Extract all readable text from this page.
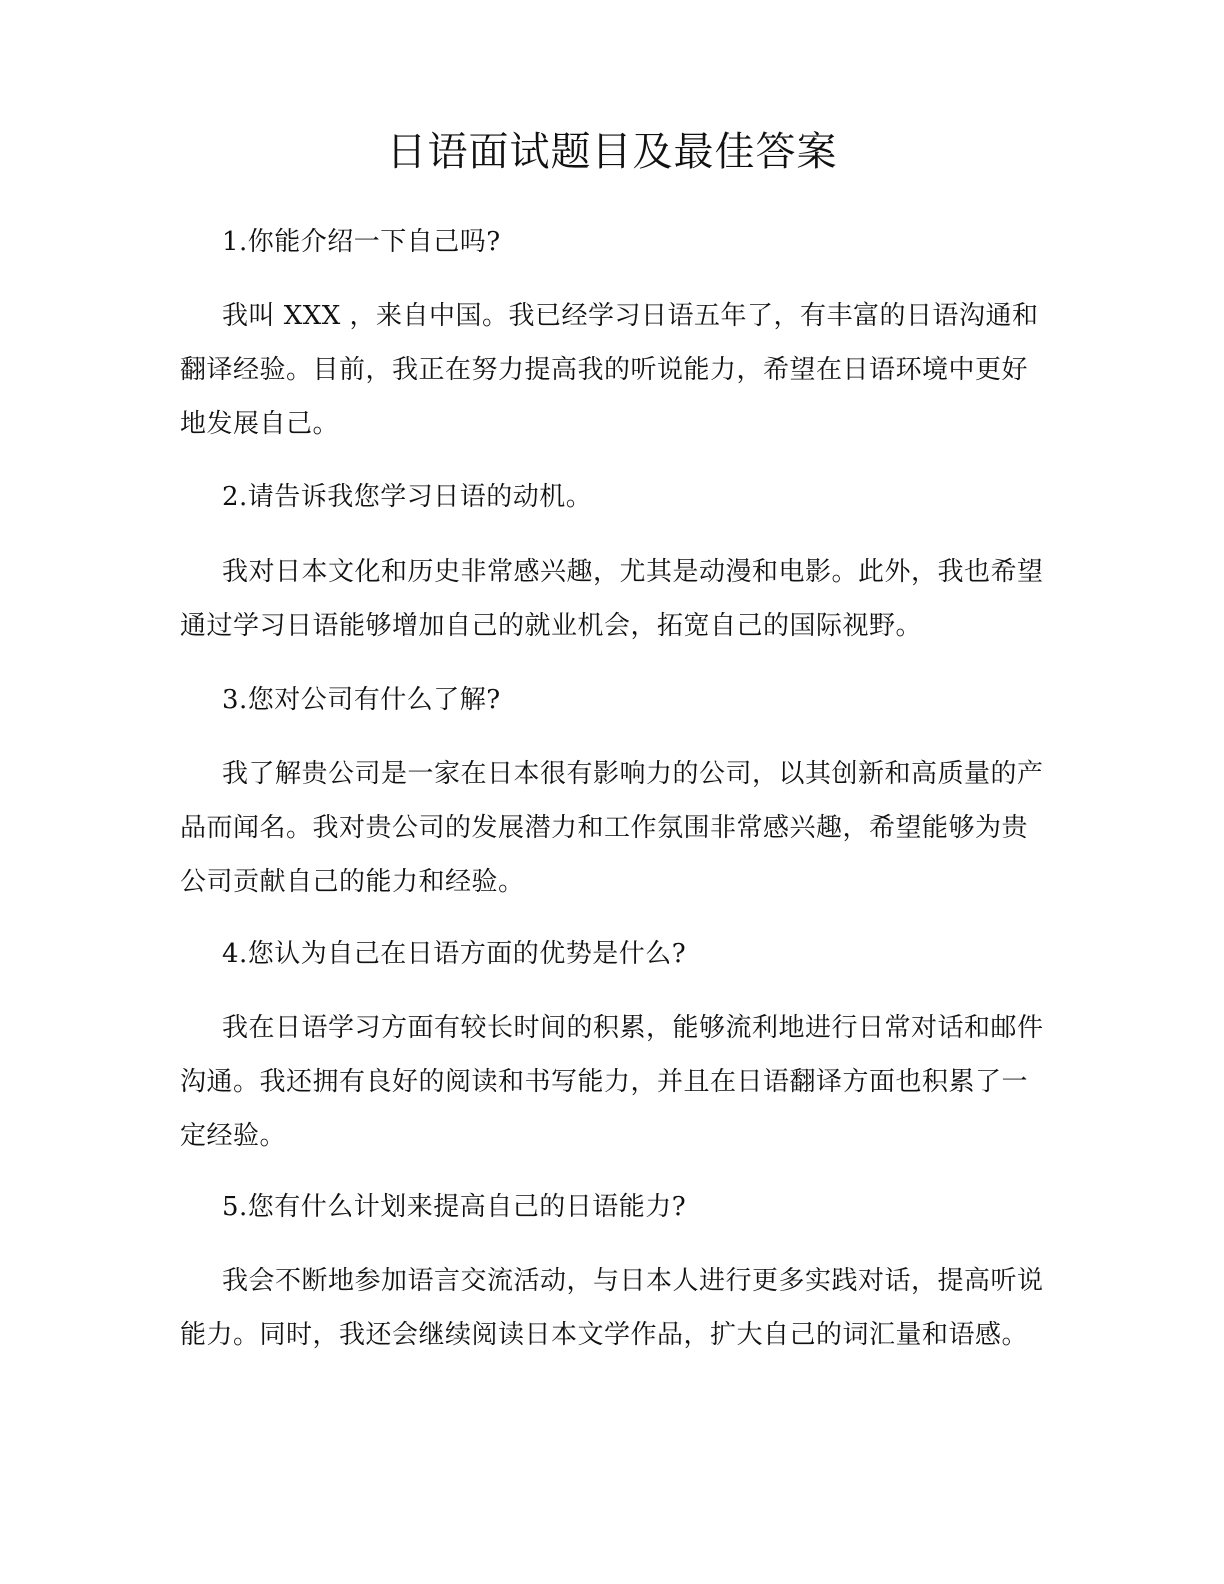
日语面试题目及最佳答案

1.你能介绍一下自己吗?

我叫 XXX ，来自中国。我已经学习日语五年了，有丰富的日语沟通和翻译经验。目前，我正在努力提高我的听说能力，希望在日语环境中更好地发展自己。

2.请告诉我您学习日语的动机。

我对日本文化和历史非常感兴趣，尤其是动漫和电影。此外，我也希望通过学习日语能够增加自己的就业机会，拓宽自己的国际视野。

3.您对公司有什么了解?

我了解贵公司是一家在日本很有影响力的公司，以其创新和高质量的产品而闻名。我对贵公司的发展潜力和工作氛围非常感兴趣，希望能够为贵公司贡献自己的能力和经验。

4.您认为自己在日语方面的优势是什么?

我在日语学习方面有较长时间的积累，能够流利地进行日常对话和邮件沟通。我还拥有良好的阅读和书写能力，并且在日语翻译方面也积累了一定经验。

5.您有什么计划来提高自己的日语能力?

我会不断地参加语言交流活动，与日本人进行更多实践对话，提高听说能力。同时，我还会继续阅读日本文学作品，扩大自己的词汇量和语感。
